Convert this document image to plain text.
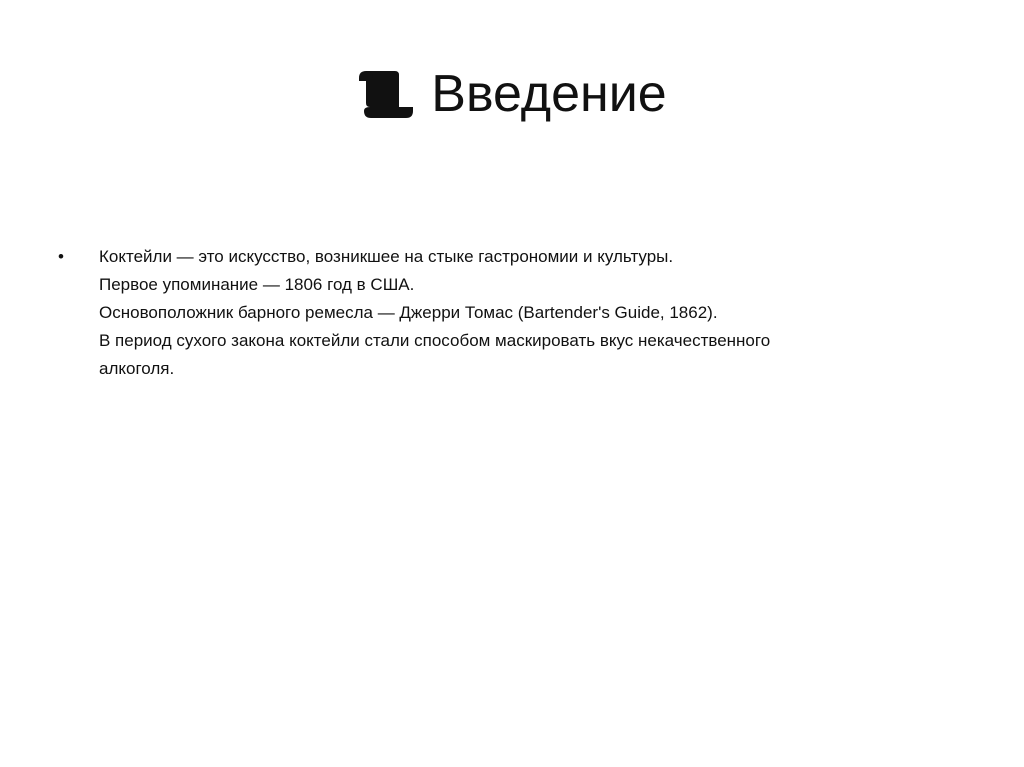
Введение
•	Коктейли — это искусство, возникшее на стыке гастрономии и культуры.
Первое упоминание — 1806 год в США.
Основоположник барного ремесла — Джерри Томас (Bartender's Guide, 1862).
В период сухого закона коктейли стали способом маскировать вкус некачественного
алкоголя.
